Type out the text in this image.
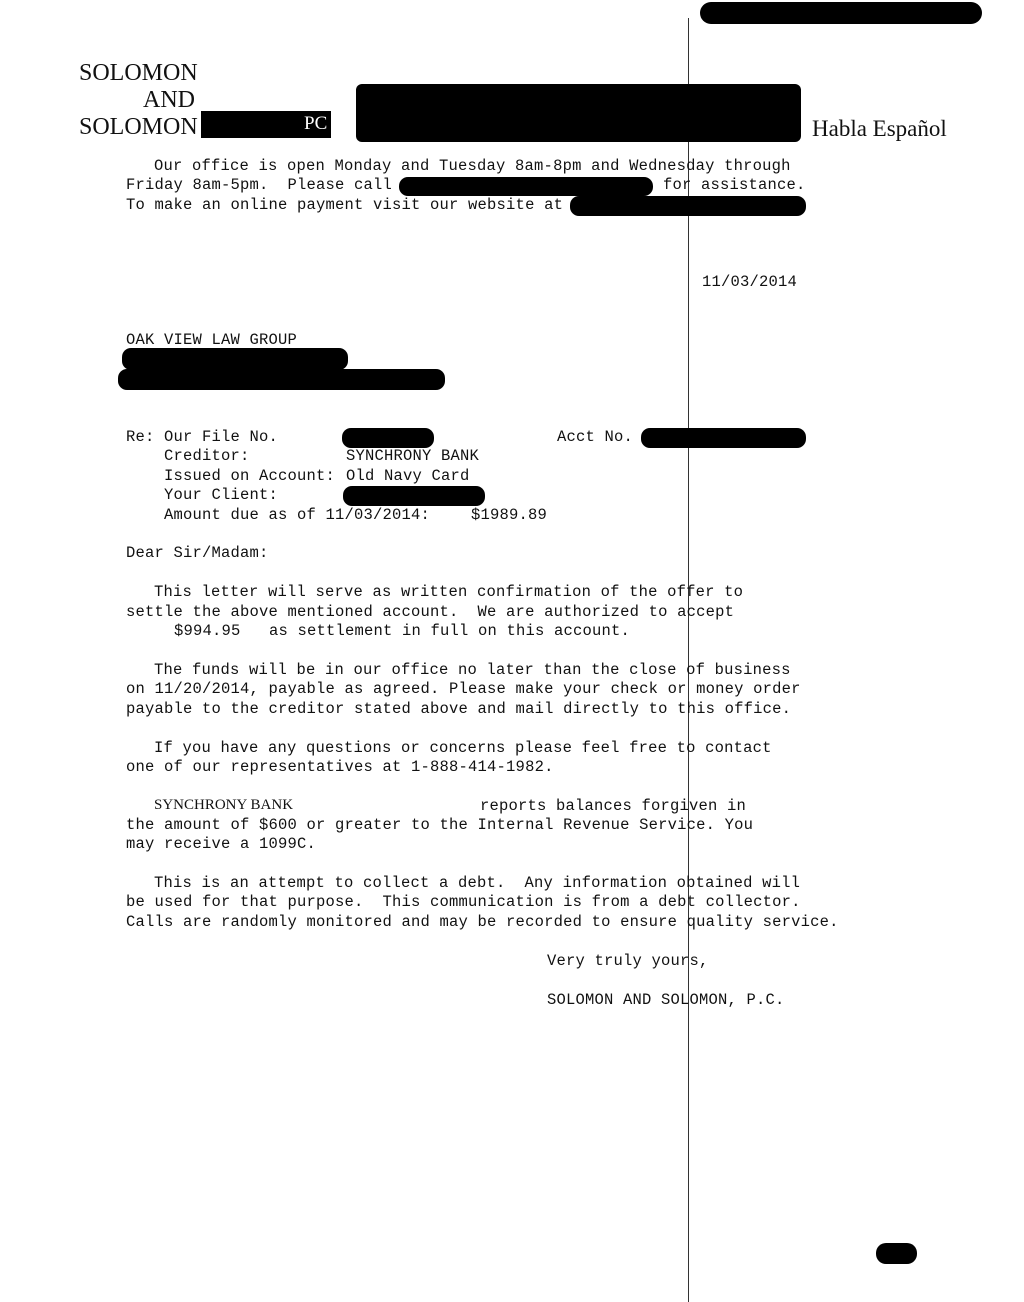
SOLOMON
AND
SOLOMON	PC	Habla Español
Our office is open Monday and Tuesday 8am-8pm and Wednesday through
Friday 8am-5pm.  Please call	for assistance.
To make an online payment visit our website at
11/03/2014
OAK VIEW LAW GROUP
Re: Our File No.	Acct No.
Creditor:	SYNCHRONY BANK
Issued on Account: Old Navy Card
Your Client:
Amount due as of 11/03/2014:	$1989.89
Dear Sir/Madam:
This letter will serve as written confirmation of the offer to
settle the above mentioned account.  We are authorized to accept
$994.95 as settlement in full on this account.
The funds will be in our office no later than the close of business
on 11/20/2014, payable as agreed. Please make your check or money order
payable to the creditor stated above and mail directly to this office.
If you have any questions or concerns please feel free to contact
one of our representatives at 1-888-414-1982.
SYNCHRONY BANK	reports balances forgiven in
the amount of $600 or greater to the Internal Revenue Service. You
may receive a 1099C.
This is an attempt to collect a debt.  Any information obtained will
be used for that purpose.  This communication is from a debt collector.
Calls are randomly monitored and may be recorded to ensure quality service.
Very truly yours,
SOLOMON AND SOLOMON, P.C.
